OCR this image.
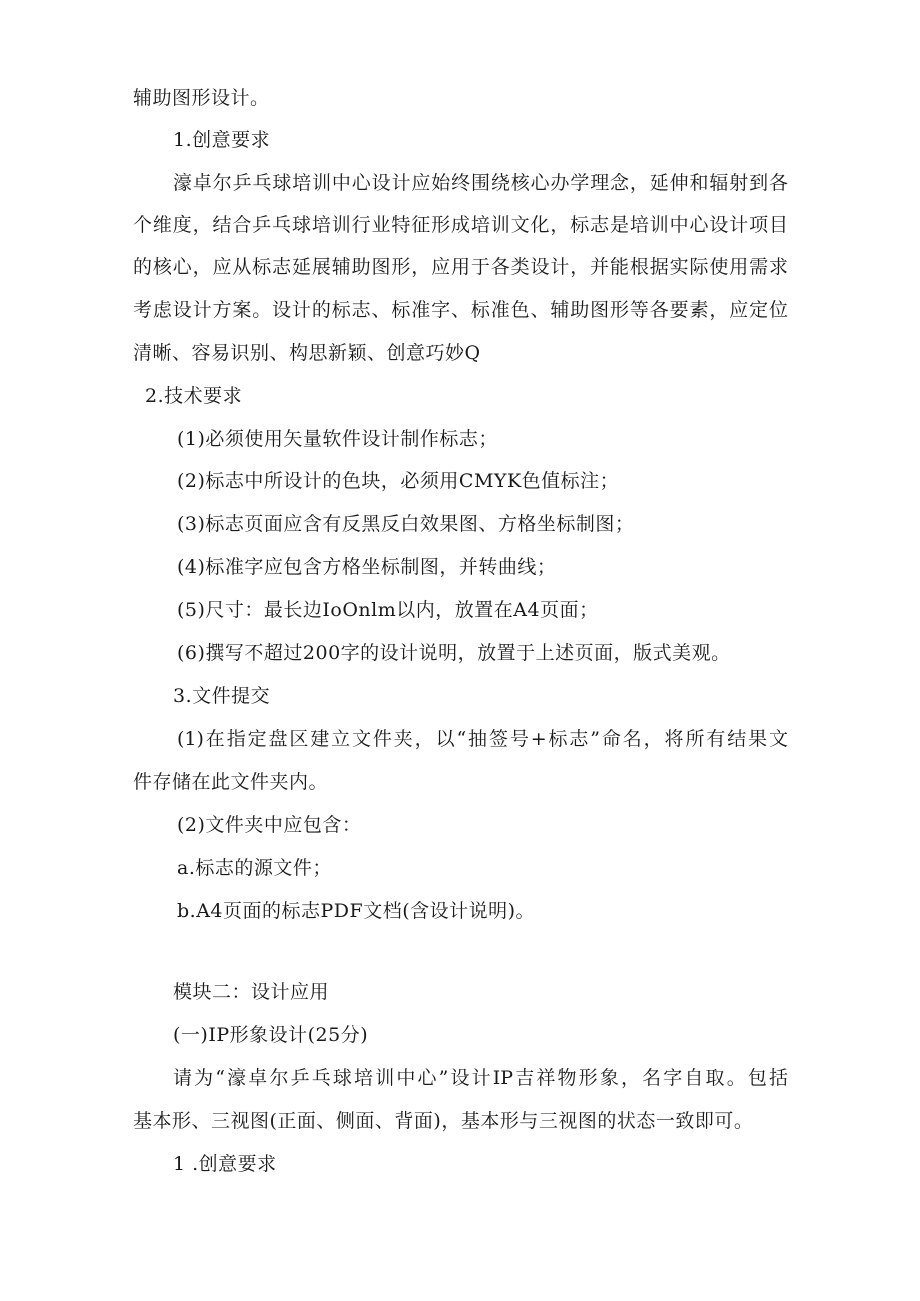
辅助图形设计。
1.创意要求
濠卓尔乒乓球培训中心设计应始终围绕核心办学理念，延伸和辐射到各
个维度，结合乒乓球培训行业特征形成培训文化，标志是培训中心设计项目
的核心，应从标志延展辅助图形，应用于各类设计，并能根据实际使用需求
考虑设计方案。设计的标志、标准字、标准色、辅助图形等各要素，应定位
清晰、容易识别、构思新颖、创意巧妙Q
2.技术要求
(1)必须使用矢量软件设计制作标志；
(2)标志中所设计的色块，必须用CMYK色值标注；
(3)标志页面应含有反黑反白效果图、方格坐标制图；
(4)标准字应包含方格坐标制图，并转曲线；
(5)尺寸：最长边IoOnlm以内，放置在A4页面；
(6)撰写不超过200字的设计说明，放置于上述页面，版式美观。
3.文件提交
(1)在指定盘区建立文件夹，以“抽签号+标志”命名，将所有结果文
件存储在此文件夹内。
(2)文件夹中应包含：
a.标志的源文件；
b.A4页面的标志PDF文档(含设计说明)。
模块二：设计应用
(一)IP形象设计(25分)
请为“濠卓尔乒乓球培训中心”设计IP吉祥物形象，名字自取。包括
基本形、三视图(正面、侧面、背面)，基本形与三视图的状态一致即可。
1 .创意要求
